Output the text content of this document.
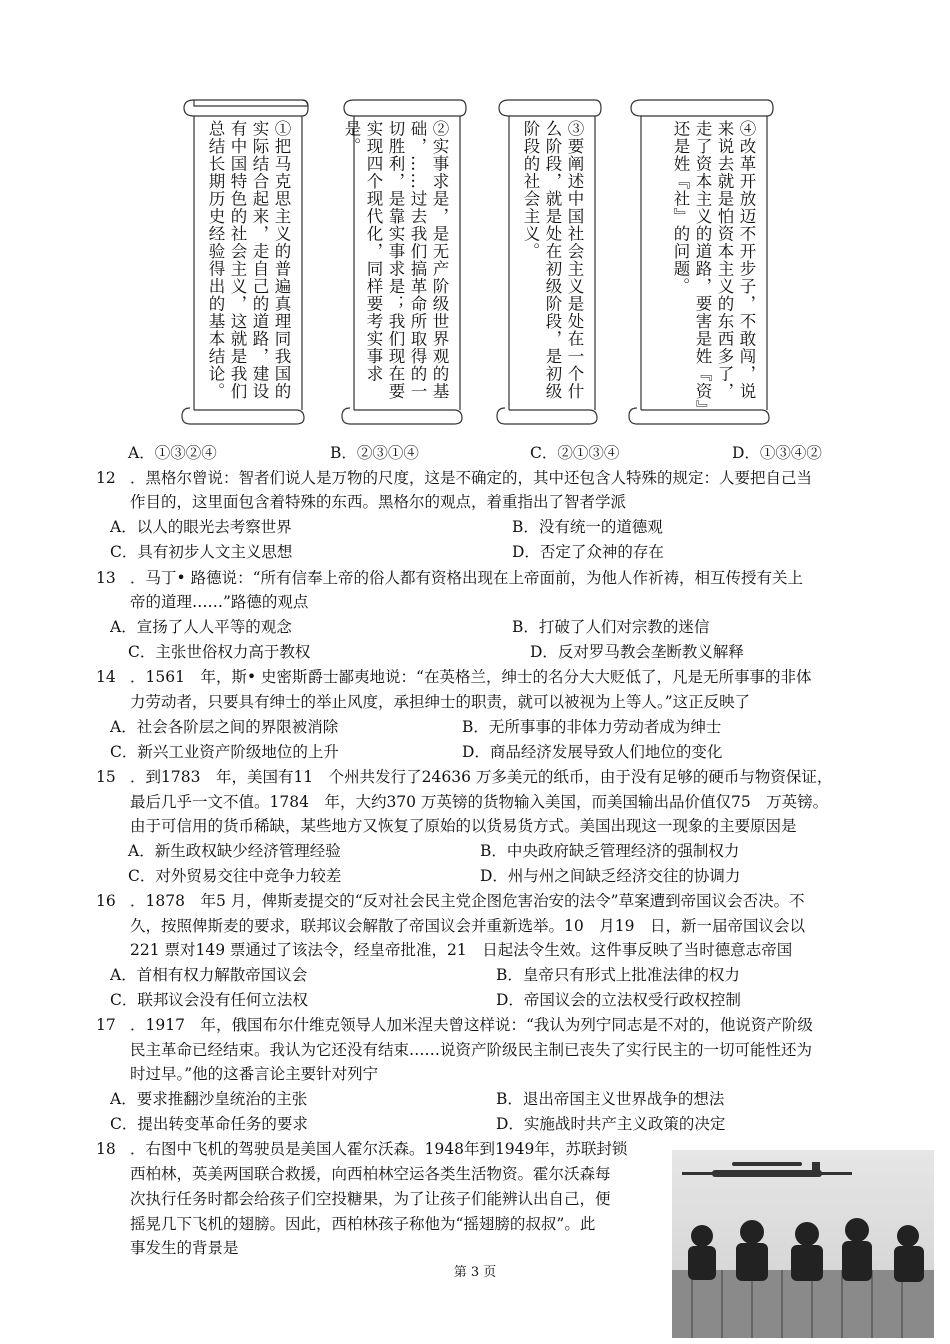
①把马克思主义的普遍真理同我国的实际结合起来，走自己的道路，建设有中国特色的社会主义，这就是我们总结长期历史经验得出的基本结论。	②实事求是，是无产阶级世界观的基础，……过去我们搞革命所取得的一切胜利，是靠实事求是；我们现在要实现四个现代化，同样要考实事求是。	③要阐述中国社会主义是处在一个什么阶段，就是处在初级阶段，是初级阶段的社会主义。	④改革开放迈不开步子，不敢闯，说来说去就是怕资本主义的东西多了，走了资本主义的道路，要害是姓『资』还是姓『社』的问题。
A．①③②④	B．②③①④	C．②①③④	D．①③④②
12 ．黑格尔曾说：智者们说人是万物的尺度，这是不确定的，其中还包含人特殊的规定：人要把自己当
作目的，这里面包含着特殊的东西。黑格尔的观点，着重指出了智者学派
A．以人的眼光去考察世界	B．没有统一的道德观
C．具有初步人文主义思想	D．否定了众神的存在
13 ．马丁• 路德说：“所有信奉上帝的俗人都有资格出现在上帝面前，为他人作祈祷，相互传授有关上
帝的道理……”路德的观点
A．宣扬了人人平等的观念	B．打破了人们对宗教的迷信
C．主张世俗权力高于教权	D．反对罗马教会垄断教义解释
14 ．1561　年，斯• 史密斯爵士鄙夷地说：“在英格兰，绅士的名分大大贬低了，凡是无所事事的非体
力劳动者，只要具有绅士的举止风度，承担绅士的职责，就可以被视为上等人。”这正反映了
A．社会各阶层之间的界限被消除	B．无所事事的非体力劳动者成为绅士
C．新兴工业资产阶级地位的上升	D．商品经济发展导致人们地位的变化
15 ．到1783　年，美国有11　个州共发行了24636 万多美元的纸币，由于没有足够的硬币与物资保证，
最后几乎一文不值。1784　年，大约370 万英镑的货物输入美国，而美国输出品价值仅75　万英镑。
由于可信用的货币稀缺，某些地方又恢复了原始的以货易货方式。美国出现这一现象的主要原因是
A．新生政权缺少经济管理经验	B．中央政府缺乏管理经济的强制权力
C．对外贸易交往中竞争力较差	D．州与州之间缺乏经济交往的协调力
16 ．1878　年5 月，俾斯麦提交的“反对社会民主党企图危害治安的法令”草案遭到帝国议会否决。不
久，按照俾斯麦的要求，联邦议会解散了帝国议会并重新选举。10　月19　日，新一届帝国议会以
221 票对149 票通过了该法令，经皇帝批准，21　日起法令生效。这件事反映了当时德意志帝国
A．首相有权力解散帝国议会	B．皇帝只有形式上批准法律的权力
C．联邦议会没有任何立法权	D．帝国议会的立法权受行政权控制
17 ．1917　年，俄国布尔什维克领导人加米涅夫曾这样说：“我认为列宁同志是不对的，他说资产阶级
民主革命已经结束。我认为它还没有结束……说资产阶级民主制已丧失了实行民主的一切可能性还为
时过早。”他的这番言论主要针对列宁
A．要求推翻沙皇统治的主张	B．退出帝国主义世界战争的想法
C．提出转变革命任务的要求	D．实施战时共产主义政策的决定
18 ．右图中飞机的驾驶员是美国人霍尔沃森。1948年到1949年，苏联封锁
西柏林，英美两国联合救援，向西柏林空运各类生活物资。霍尔沃森每
次执行任务时都会给孩子们空投糖果，为了让孩子们能辨认出自己，便
摇晃几下飞机的翅膀。因此，西柏林孩子称他为“摇翅膀的叔叔”。此
事发生的背景是
第 3 页
